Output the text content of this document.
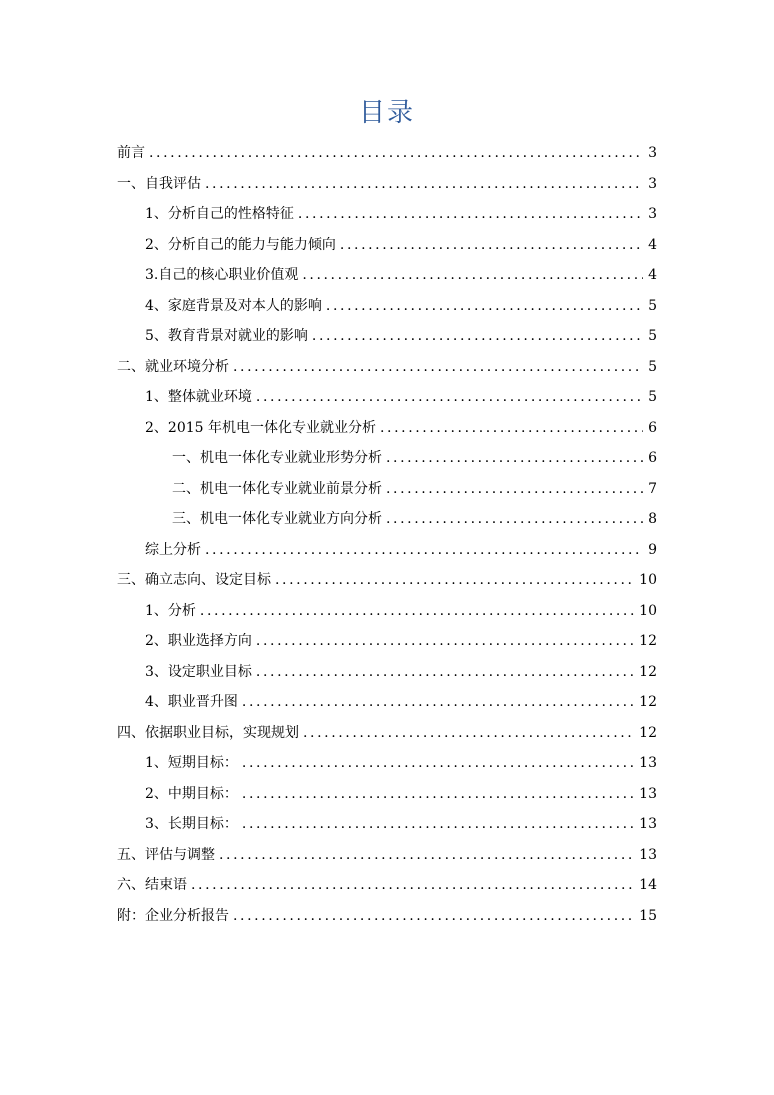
目录
前言 .....	3
一、自我评估 .....	3
1、分析自己的性格特征 .....	3
2、分析自己的能力与能力倾向 .....	4
3.自己的核心职业价值观 .....	4
4、家庭背景及对本人的影响 .....	5
5、教育背景对就业的影响 .....	5
二、就业环境分析 .....	5
1、整体就业环境 .....	5
2、2015 年机电一体化专业就业分析 .....	6
一、机电一体化专业就业形势分析 .....	6
二、机电一体化专业就业前景分析 .....	7
三、机电一体化专业就业方向分析 .....	8
综上分析 .....	9
三、确立志向、设定目标 .....	10
1、分析 .....	10
2、职业选择方向 .....	12
3、设定职业目标 .....	12
4、职业晋升图 .....	12
四、依据职业目标，实现规划 .....	12
1、短期目标： .....	13
2、中期目标： .....	13
3、长期目标： .....	13
五、评估与调整 .....	13
六、结束语 .....	14
附：企业分析报告 .....	15
